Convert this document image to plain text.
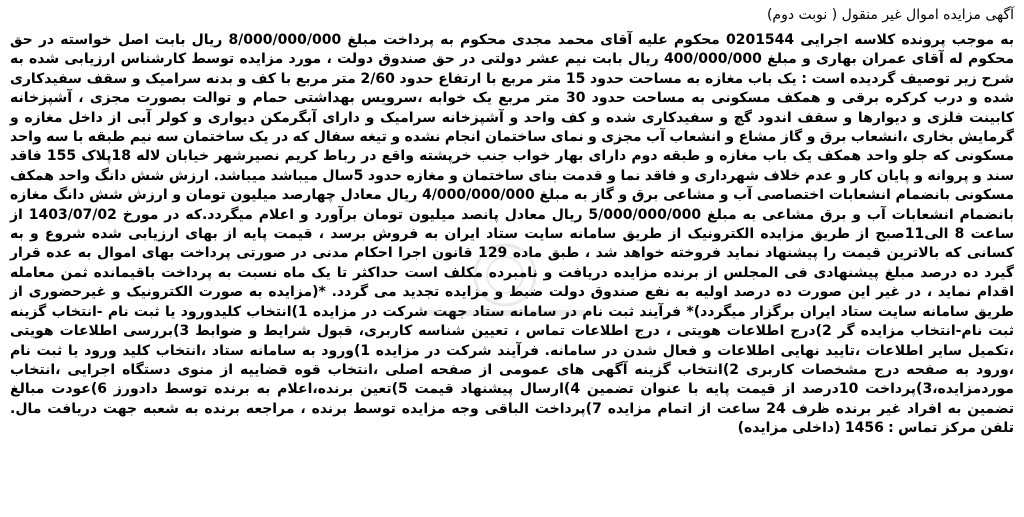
آگهی مزایده اموال غیر منقول ( نوبت دوم)

به موجب پرونده کلاسه اجرایی 0201544 محکوم علیه آقای محمد مجدی محکوم به پرداخت مبلغ 8/000/000/000 ریال بابت اصل خواسته در حق محکوم له آقای عمران بهاری و مبلغ 400/000/000 ریال بابت نیم عشر دولتی در حق صندوق دولت ، مورد مزایده توسط کارشناس ارزیابی شده به شرح زیر توصیف گردیده است : یک باب مغازه به مساحت حدود 15 متر مربع با ارتفاع حدود 2/60 متر مربع با کف و بدنه سرامیک و سقف سفیدکاری شده و درب کرکره برقی و همکف مسکونی به مساحت حدود 30 متر مربع یک خوابه ،سرویس بهداشتی حمام و توالت بصورت مجزی ، آشپزخانه کابینت فلزی و دیوارها و سقف اندود گچ و سفیدکاری شده و کف واحد و آشپزخانه سرامیک و دارای آبگرمکن دیواری و کولر آبی از داخل مغازه و گرمایش بخاری ،انشعاب برق و گاز مشاع و انشعاب آب مجزی و نمای ساختمان انجام نشده و تیغه سفال که در یک ساختمان سه نیم طبقه با سه واحد مسکونی که جلو واحد همکف یک باب مغازه و طبقه دوم دارای بهار خواب جنب خرپشته واقع در رباط کریم نصیرشهر خیابان لاله 18پلاک 155 فاقد سند و پروانه و پایان کار و عدم خلاف شهرداری و فاقد نما و قدمت بنای ساختمان و مغازه حدود 5سال میباشد میباشد. ارزش شش دانگ واحد همکف مسکونی بانضمام انشعابات اختصاصی آب و مشاعی برق و گاز به مبلغ 4/000/000/000 ریال معادل چهارصد میلیون تومان و ارزش شش دانگ مغازه بانضمام انشعابات آب و برق مشاعی به مبلغ 5/000/000/000 ریال معادل پانصد میلیون تومان برآورد و اعلام میگردد.که در مورخ 1403/07/02 از ساعت 8 الی11صبح از طریق مزایده الکترونیک از طریق سامانه سایت ستاد ایران به فروش برسد ، قیمت پایه از بهای ارزیابی شده شروع و به کسانی که بالاترین قیمت را پیشنهاد نماید فروخته خواهد شد ، طبق ماده 129 قانون اجرا احکام مدنی در صورتی پرداخت بهای اموال به عده قرار گیرد ده درصد مبلغ پیشنهادی فی المجلس از برنده مزایده دریافت و نامبرده مکلف است حداکثر تا یک ماه نسبت به پرداخت باقیمانده ثمن معامله اقدام نماید ، در غیر این صورت ده درصد اولیه به نفع صندوق دولت ضبط و مزایده تجدید می گردد. *(مزایده به صورت الکترونیک و غیرحضوری از طریق سامانه سایت ستاد ایران برگزار میگردد)* فرآیند ثبت نام در سامانه ستاد جهت شرکت در مزایده 1)انتخاب کلیدورود یا ثبت نام -انتخاب گزینه ثبت نام-انتخاب مزایده گر 2)درج اطلاعات هویتی ، درج اطلاعات تماس ، تعیین شناسه کاربری، قبول شرایط و ضوابط 3)بررسی اطلاعات هویتی ،تکمیل سایر اطلاعات ،تایید نهایی اطلاعات و فعال شدن در سامانه. فرآیند شرکت در مزایده 1)ورود به سامانه ستاد ،انتخاب کلید ورود یا ثبت نام ،ورود به صفحه درج مشخصات کاربری 2)انتخاب گزینه آگهی های عمومی از صفحه اصلی ،انتخاب قوه قضاییه از منوی دستگاه اجرایی ،انتخاب موردمزایده،3)پرداخت 10درصد از قیمت پایه با عنوان تضمین 4)ارسال پیشنهاد قیمت 5)تعین برنده،اعلام به برنده توسط دادورز 6)عودت مبالغ تضمین به افراد غیر برنده ظرف 24 ساعت از اتمام مزایده 7)پرداخت الباقی وجه مزایده توسط برنده ، مراجعه برنده به شعبه جهت دریافت مال. تلفن مرکز تماس : 1456 (داخلی مزایده)
